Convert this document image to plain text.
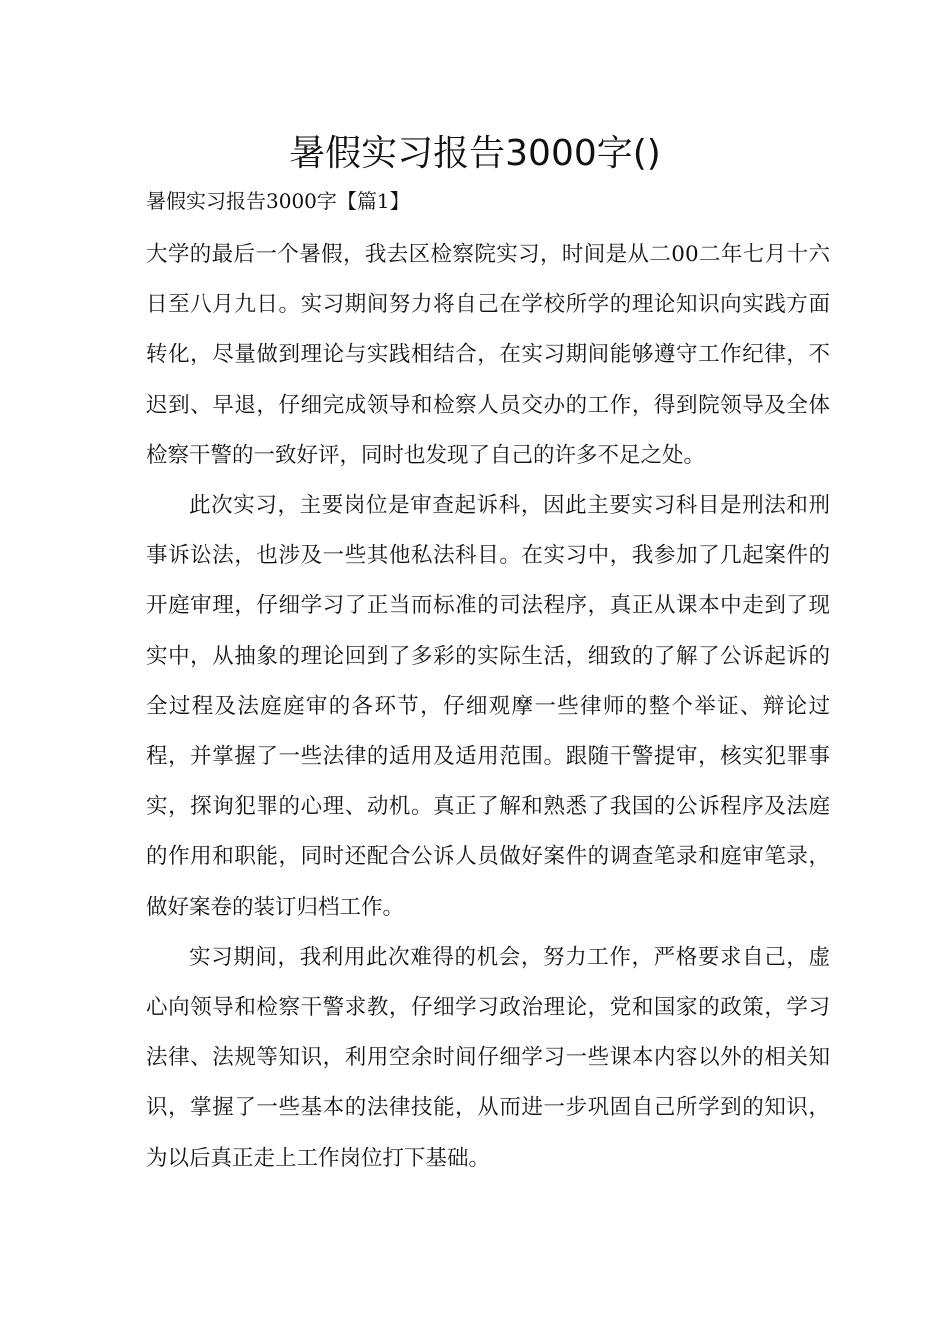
暑假实习报告3000字()

暑假实习报告3000字【篇1】

大学的最后一个暑假，我去区检察院实习，时间是从二00二年七月十六日至八月九日。实习期间努力将自己在学校所学的理论知识向实践方面转化，尽量做到理论与实践相结合，在实习期间能够遵守工作纪律，不迟到、早退，仔细完成领导和检察人员交办的工作，得到院领导及全体检察干警的一致好评，同时也发现了自己的许多不足之处。

此次实习，主要岗位是审查起诉科，因此主要实习科目是刑法和刑事诉讼法，也涉及一些其他私法科目。在实习中，我参加了几起案件的开庭审理，仔细学习了正当而标准的司法程序，真正从课本中走到了现实中，从抽象的理论回到了多彩的实际生活，细致的了解了公诉起诉的全过程及法庭庭审的各环节，仔细观摩一些律师的整个举证、辩论过程，并掌握了一些法律的适用及适用范围。跟随干警提审，核实犯罪事实，探询犯罪的心理、动机。真正了解和熟悉了我国的公诉程序及法庭的作用和职能，同时还配合公诉人员做好案件的调查笔录和庭审笔录，做好案卷的装订归档工作。

实习期间，我利用此次难得的机会，努力工作，严格要求自己，虚心向领导和检察干警求教，仔细学习政治理论，党和国家的政策，学习法律、法规等知识，利用空余时间仔细学习一些课本内容以外的相关知识，掌握了一些基本的法律技能，从而进一步巩固自己所学到的知识，为以后真正走上工作岗位打下基础。
